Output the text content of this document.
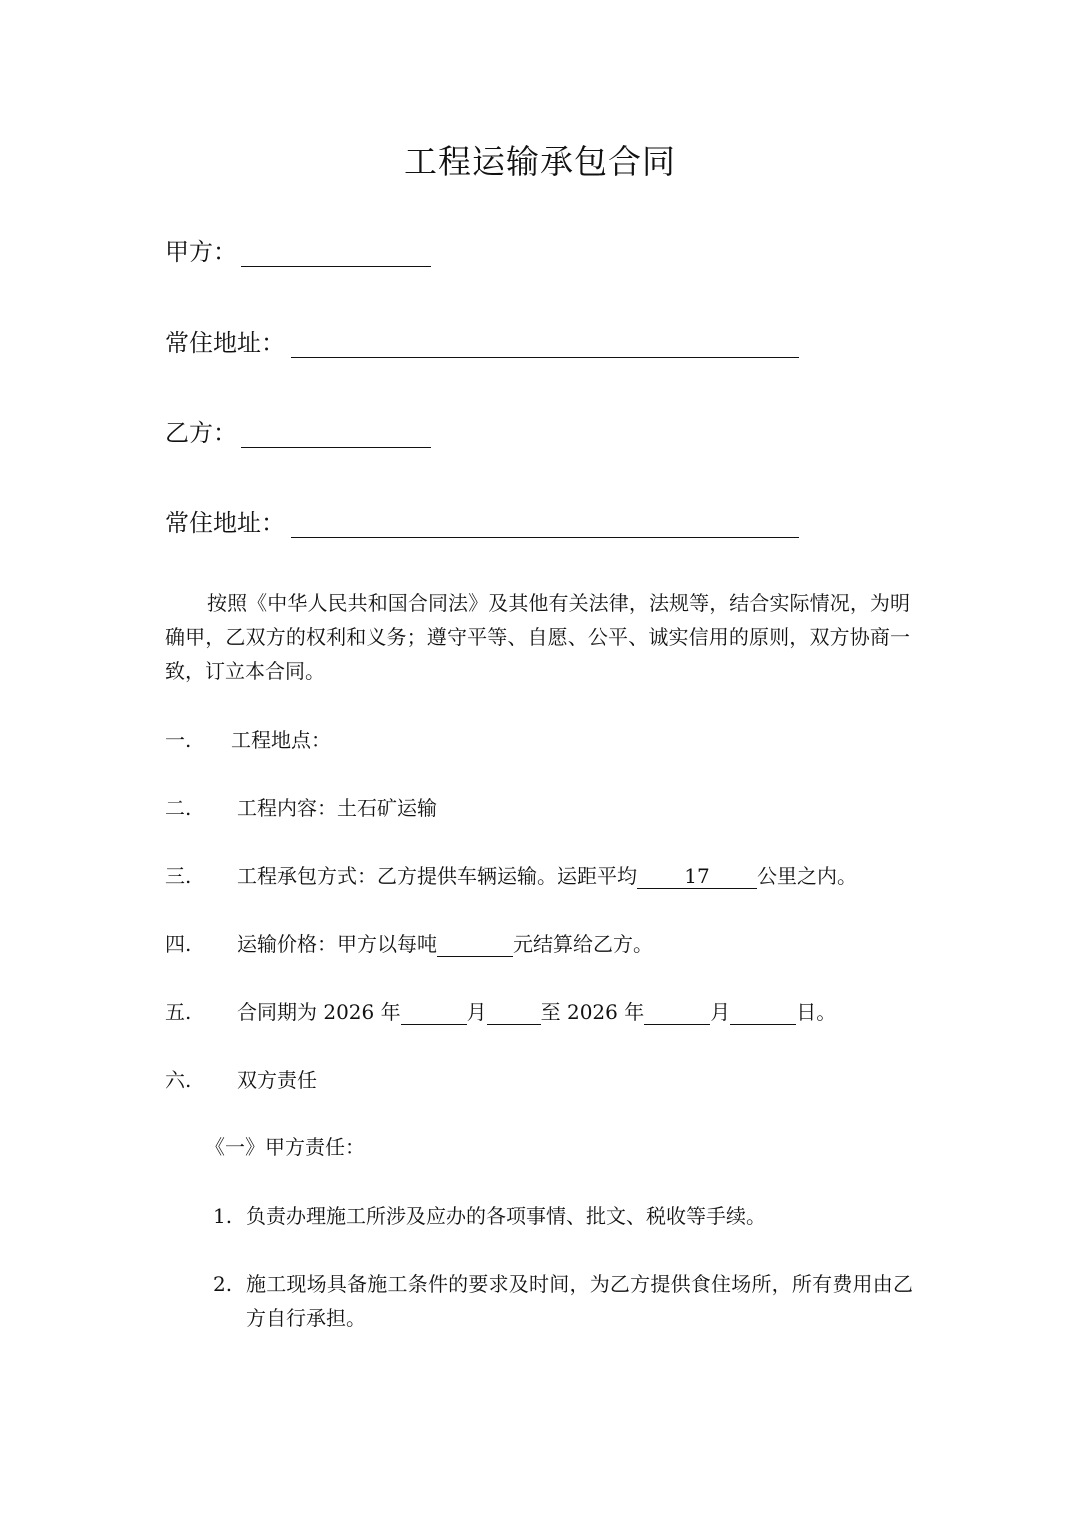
工程运输承包合同
甲方：
常住地址：
乙方：
常住地址：
按照《中华人民共和国合同法》及其他有关法律，法规等，结合实际情况，为明确甲，乙双方的权利和义务；遵守平等、自愿、公平、诚实信用的原则，双方协商一致，订立本合同。
一. 工程地点：
二. 工程内容：土石矿运输
三. 工程承包方式：乙方提供车辆运输。运距平均 17 公里之内。
四. 运输价格：甲方以每吨	元结算给乙方。
五. 合同期为 2026 年	月	至 2026 年	月	日。
六. 双方责任
《一》甲方责任：
1. 负责办理施工所涉及应办的各项事情、批文、税收等手续。
2. 施工现场具备施工条件的要求及时间，为乙方提供食住场所，所有费用由乙方自行承担。
